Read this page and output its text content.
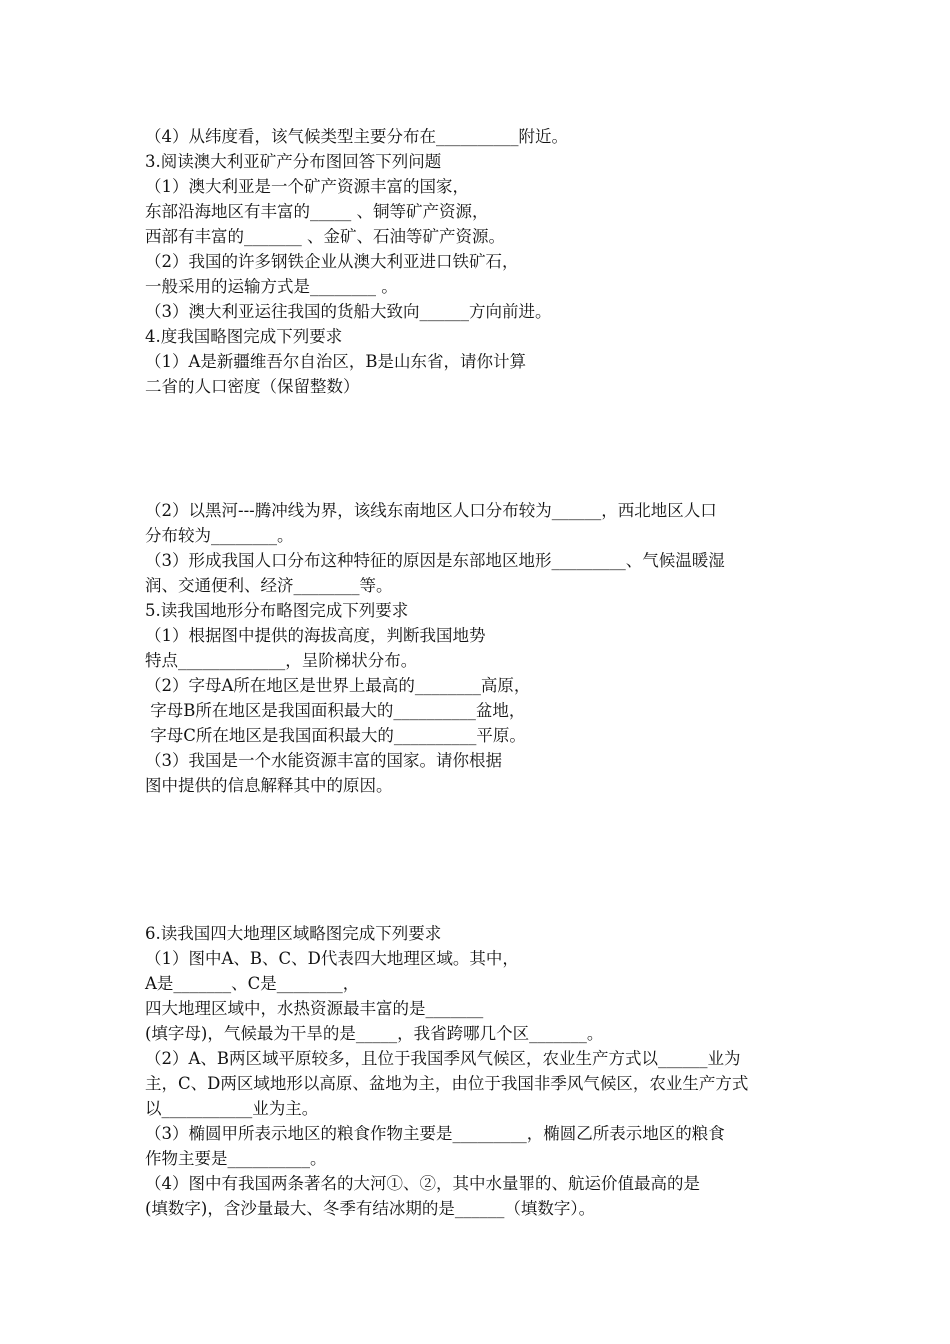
（4）从纬度看，该气候类型主要分布在__________附近。
3.阅读澳大利亚矿产分布图回答下列问题
（1）澳大利亚是一个矿产资源丰富的国家，
东部沿海地区有丰富的_____ 、铜等矿产资源，
西部有丰富的_______ 、金矿、石油等矿产资源。
（2）我国的许多钢铁企业从澳大利亚进口铁矿石，
一般采用的运输方式是________ 。
（3）澳大利亚运往我国的货船大致向______方向前进。
4.度我国略图完成下列要求
（1）A是新疆维吾尔自治区，B是山东省，请你计算
二省的人口密度（保留整数）
（2）以黑河---腾冲线为界，该线东南地区人口分布较为______，西北地区人口
分布较为________。
（3）形成我国人口分布这种特征的原因是东部地区地形_________、气候温暖湿
润、交通便利、经济________等。
5.读我国地形分布略图完成下列要求
（1）根据图中提供的海拔高度，判断我国地势
特点_____________，呈阶梯状分布。
（2）字母A所在地区是世界上最高的________高原，
字母B所在地区是我国面积最大的__________盆地，
字母C所在地区是我国面积最大的__________平原。
（3）我国是一个水能资源丰富的国家。请你根据
图中提供的信息解释其中的原因。
6.读我国四大地理区域略图完成下列要求
（1）图中A、B、C、D代表四大地理区域。其中，
A是_______、C是________，
四大地理区域中，水热资源最丰富的是_______
(填字母)，气候最为干旱的是_____，我省跨哪几个区_______。
（2）A、B两区域平原较多，且位于我国季风气候区，农业生产方式以______业为
主，C、D两区域地形以高原、盆地为主，由位于我国非季风气候区，农业生产方式
以___________业为主。
（3）椭圆甲所表示地区的粮食作物主要是_________，椭圆乙所表示地区的粮食
作物主要是__________。
（4）图中有我国两条著名的大河①、②，其中水量罪的、航运价值最高的是
(填数字)，含沙量最大、冬季有结冰期的是______（填数字）。
